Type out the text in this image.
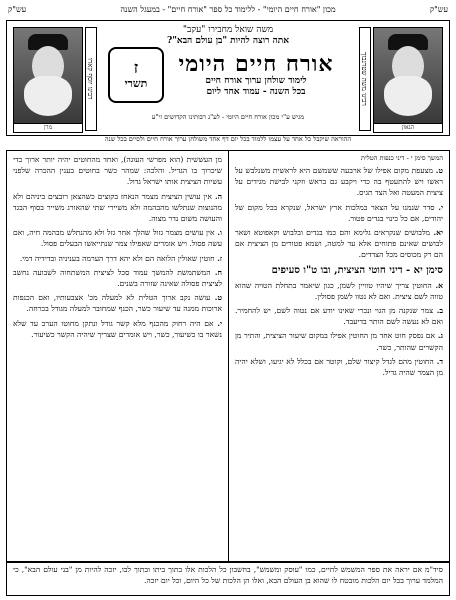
עש"ק
מכון "אורח חיים היומי" - ללימוד כל ספר "אורח חיים" - במעגל השנה
עש"ק
הגאון
רבינו משה שטרנבוך
מרן
רבינו יוסף קארו
משה שואל מחבירו "עקב"
אתה רוצה להיות "בן עולם הבא"?
אורח חיים היומי
לימוד שולחן ערוך אורח חיים
בכל השנה - עמוד אחד ליום
ז
תשרי
מגיש ע"י מכון אורח חיים היומי - לע"נ רבותינו הקדושים זי"ע
ההוראה שיקבל כל אחד על עצמו ללמוד בכל יום דף אחד משולחן ערוך אורח חיים ולסיים בכל שנה
המשך סימן י - דיני כנפות הטלית
ט. מצעפת מקום אפילו של ארבעה ששמשם היא לראשית משנלבש על ראשו ויש להתעטף בה כדי ויקבע גם בראש וזקני לבישת מגידים על ציצית המעטה ואל הצד תגיס.
י. סדר שנמנו על הצאר במלכות ארץ ישראל, שנקרא בכל מקום של יהודים, אם כל כינוי בגדים פטור.
יא. מלבושים שנקראים גלימא והם כמו בגדים ובלבוש וקאפוטא ושאר לבושים שאינם פתוחים אלא עד למטה, ושמא פטורים מן הציצית אם הם רק מכוסים מכל הצדדים.
סימן יא - דיני חוטי הציצית, ובו ט"ו סעיפים
א. החוטין צריך שיהיו טוויין לשמן, כגון שיאמר בתחלת הטויה שהוא טווה לשם ציצית. ואם לא נטוו לשמן פסולין.
ב. צמר שנקנה מן הגוי ונכרי שאינו יודע אם נטוה לשם, יש להחמיר. ואם לא נעשה לשם הותר בדיעבד.
ג. אם נפסק חוט אחד מן החוטין אפילו במקום שיעור הציצית, והתיר מן הקשרים שהותר, כשר.
ד. החוטין מהם לגדל קיצור שלם, וקוטר אם בכלל לא יגיעו, ושלא יהיה מן הצמר שהיה גדיל.
מן העששית (הוא מפרשי העוגה), ואחד מהחוטים יהיה יותר ארוך כדי שיכרוך בו הגדיל. והלכה: שמהר כשר בחוטים בענין ההכרה שלפני עשיות הציצית אותו ישראל גדול.
ה. אין עושין הציצית מצמר הנאחז בקוצים כשהצאן רובצים ביניהם ולא מהנוצות שנתלשו מהבהמה ולא משיירי שתי שהאורג משייר בסוף הבגד והעושה משום נדר מצוה.
ו. אין עושים מצמר גזול שהלך אחר גזל ולא מהנתלש מבהמה חיה, ואם עשה פסול. ויש אומרים שאפילו צמר שנתייאשו הבעלים פסול.
ז. חוטין שאולין הלואה הם ולא יהא דרך הערמה בעניניה ובדידיה דמי.
ח. המשתמשת להמשך עמוד סכל לציצית המשתחוה לשבועה נחשב לציצית פסולה שאינה שזורה בשנים.
ט. עושה נקב ארוך הטלית לא למעלה מכ' אצבעותיו, ואם הכנפות ארוכות ממנה עד שיעור כשר, הכנף שמחובר למעלה מגודל בכרחה.
י. אם היה רחוק מהכנף מלא קשר גודל ונתקן מחוטו הערב עד שלא נשאר בו כשיעור, כשר, ויש אומרים שצריך שיהיה הקשר כשיעור.
סיד"מ אם יראה את ספר המשמש לחיים, כמו "עוסק ומשמש", בחשבון כל הלכות אלו בתוך ביתו ובתוך לבו, יזכה להיות מן "בני עולם הבא", כי המלמד ערוך בכל יום הלכות מובטח לו שהוא בן העולם הבא, ואלו הן הלכות של כל היום, וכל יום יזכה.
